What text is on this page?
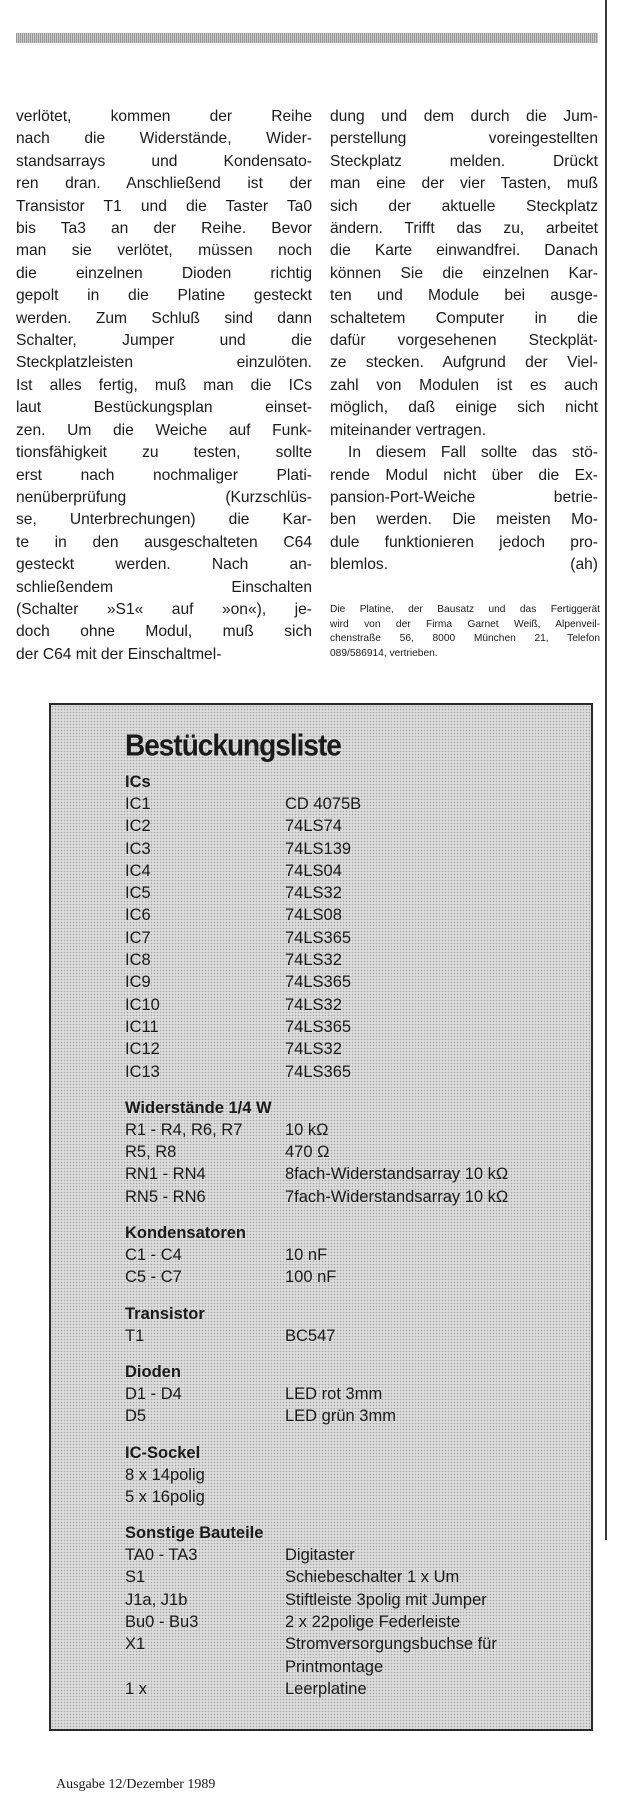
verlötet, kommen der Reihe
nach die Widerstände, Wider-
standsarrays und Kondensato-
ren dran. Anschließend ist der
Transistor T1 und die Taster Ta0
bis Ta3 an der Reihe. Bevor
man sie verlötet, müssen noch
die einzelnen Dioden richtig
gepolt in die Platine gesteckt
werden. Zum Schluß sind dann
Schalter, Jumper und die
Steckplatzleisten einzulöten.
Ist alles fertig, muß man die ICs
laut Bestückungsplan einset-
zen. Um die Weiche auf Funk-
tionsfähigkeit zu testen, sollte
erst nach nochmaliger Plati-
nenüberprüfung (Kurzschlüs-
se, Unterbrechungen) die Kar-
te in den ausgeschalteten C64
gesteckt werden. Nach an-
schließendem Einschalten
(Schalter »S1« auf »on«), je-
doch ohne Modul, muß sich
der C64 mit der Einschaltmel-

dung und dem durch die Jum-
perstellung voreingestellten
Steckplatz melden. Drückt
man eine der vier Tasten, muß
sich der aktuelle Steckplatz
ändern. Trifft das zu, arbeitet
die Karte einwandfrei. Danach
können Sie die einzelnen Kar-
ten und Module bei ausge-
schaltetem Computer in die
dafür vorgesehenen Steckplät-
ze stecken. Aufgrund der Viel-
zahl von Modulen ist es auch
möglich, daß einige sich nicht
miteinander vertragen.
In diesem Fall sollte das stö-
rende Modul nicht über die Ex-
pansion-Port-Weiche betrie-
ben werden. Die meisten Mo-
dule funktionieren jedoch pro-
blemlos.	(ah)

Die Platine, der Bausatz und das Fertiggerät
wird von der Firma Garnet Weiß, Alpenveil-
chenstraße 56, 8000 München 21, Telefon
089/586914, vertrieben.

Bestückungsliste
ICs
IC1	CD 4075B
IC2	74LS74
IC3	74LS139
IC4	74LS04
IC5	74LS32
IC6	74LS08
IC7	74LS365
IC8	74LS32
IC9	74LS365
IC10	74LS32
IC11	74LS365
IC12	74LS32
IC13	74LS365
Widerstände 1/4 W
R1 - R4, R6, R7	10 kΩ
R5, R8	470 Ω
RN1 - RN4	8fach-Widerstandsarray 10 kΩ
RN5 - RN6	7fach-Widerstandsarray 10 kΩ
Kondensatoren
C1 - C4	10 nF
C5 - C7	100 nF
Transistor
T1	BC547
Dioden
D1 - D4	LED rot 3mm
D5	LED grün 3mm
IC-Sockel
8 x 14polig
5 x 16polig
Sonstige Bauteile
TA0 - TA3	Digitaster
S1	Schiebeschalter 1 x Um
J1a, J1b	Stiftleiste 3polig mit Jumper
Bu0 - Bu3	2 x 22polige Federleiste
X1	Stromversorgungsbuchse für Printmontage
1 x	Leerplatine

Ausgabe 12/Dezember 1989
